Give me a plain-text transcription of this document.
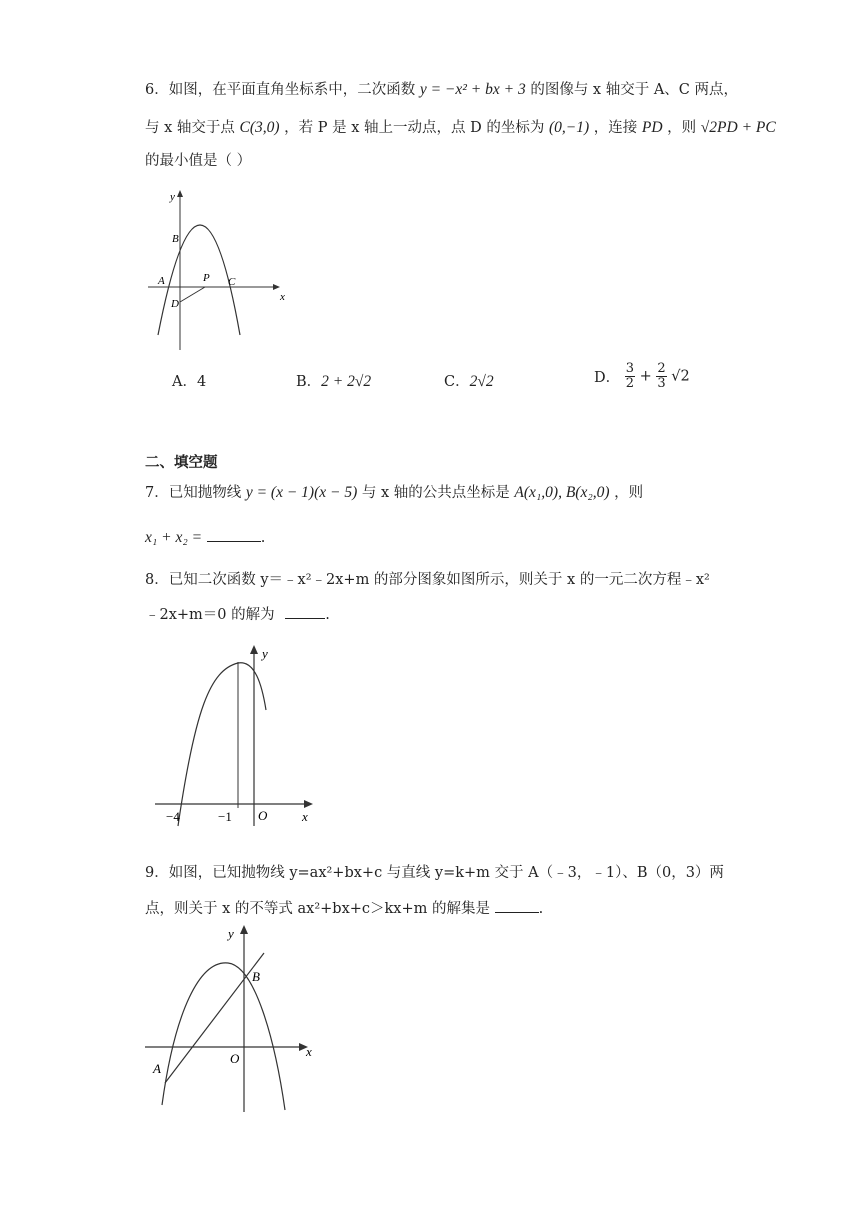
6．如图，在平面直角坐标系中，二次函数 y = −x² + bx + 3 的图像与 x 轴交于 A、C 两点，
与 x 轴交于点 C(3,0) ，若 P 是 x 轴上一动点，点 D 的坐标为 (0,−1) ，连接 PD ，则 √2PD + PC
的最小值是（ ）
y
x
B
A	P C
D
A．4	B．2 + 2√2	C．2√2	D． $\frac{3}{2} + \frac{2}{3} √2$
二、填空题
7．已知抛物线 y = (x − 1)(x − 5) 与 x 轴的公共点坐标是 A(x₁,0), B(x₂,0) ，则
x₁ + x₂ =	.
8．已知二次函数 y＝﹣x²﹣2x+m 的部分图象如图所示，则关于 x 的一元二次方程﹣x²
﹣2x+m＝0 的解为	.
y
x
O
−4	−1
9．如图，已知抛物线 y=ax²+bx+c 与直线 y=k+m 交于 A（﹣3，﹣1）、B（0，3）两
点，则关于 x 的不等式 ax²+bx+c＞kx+m 的解集是	.
y
x
O
B
A
